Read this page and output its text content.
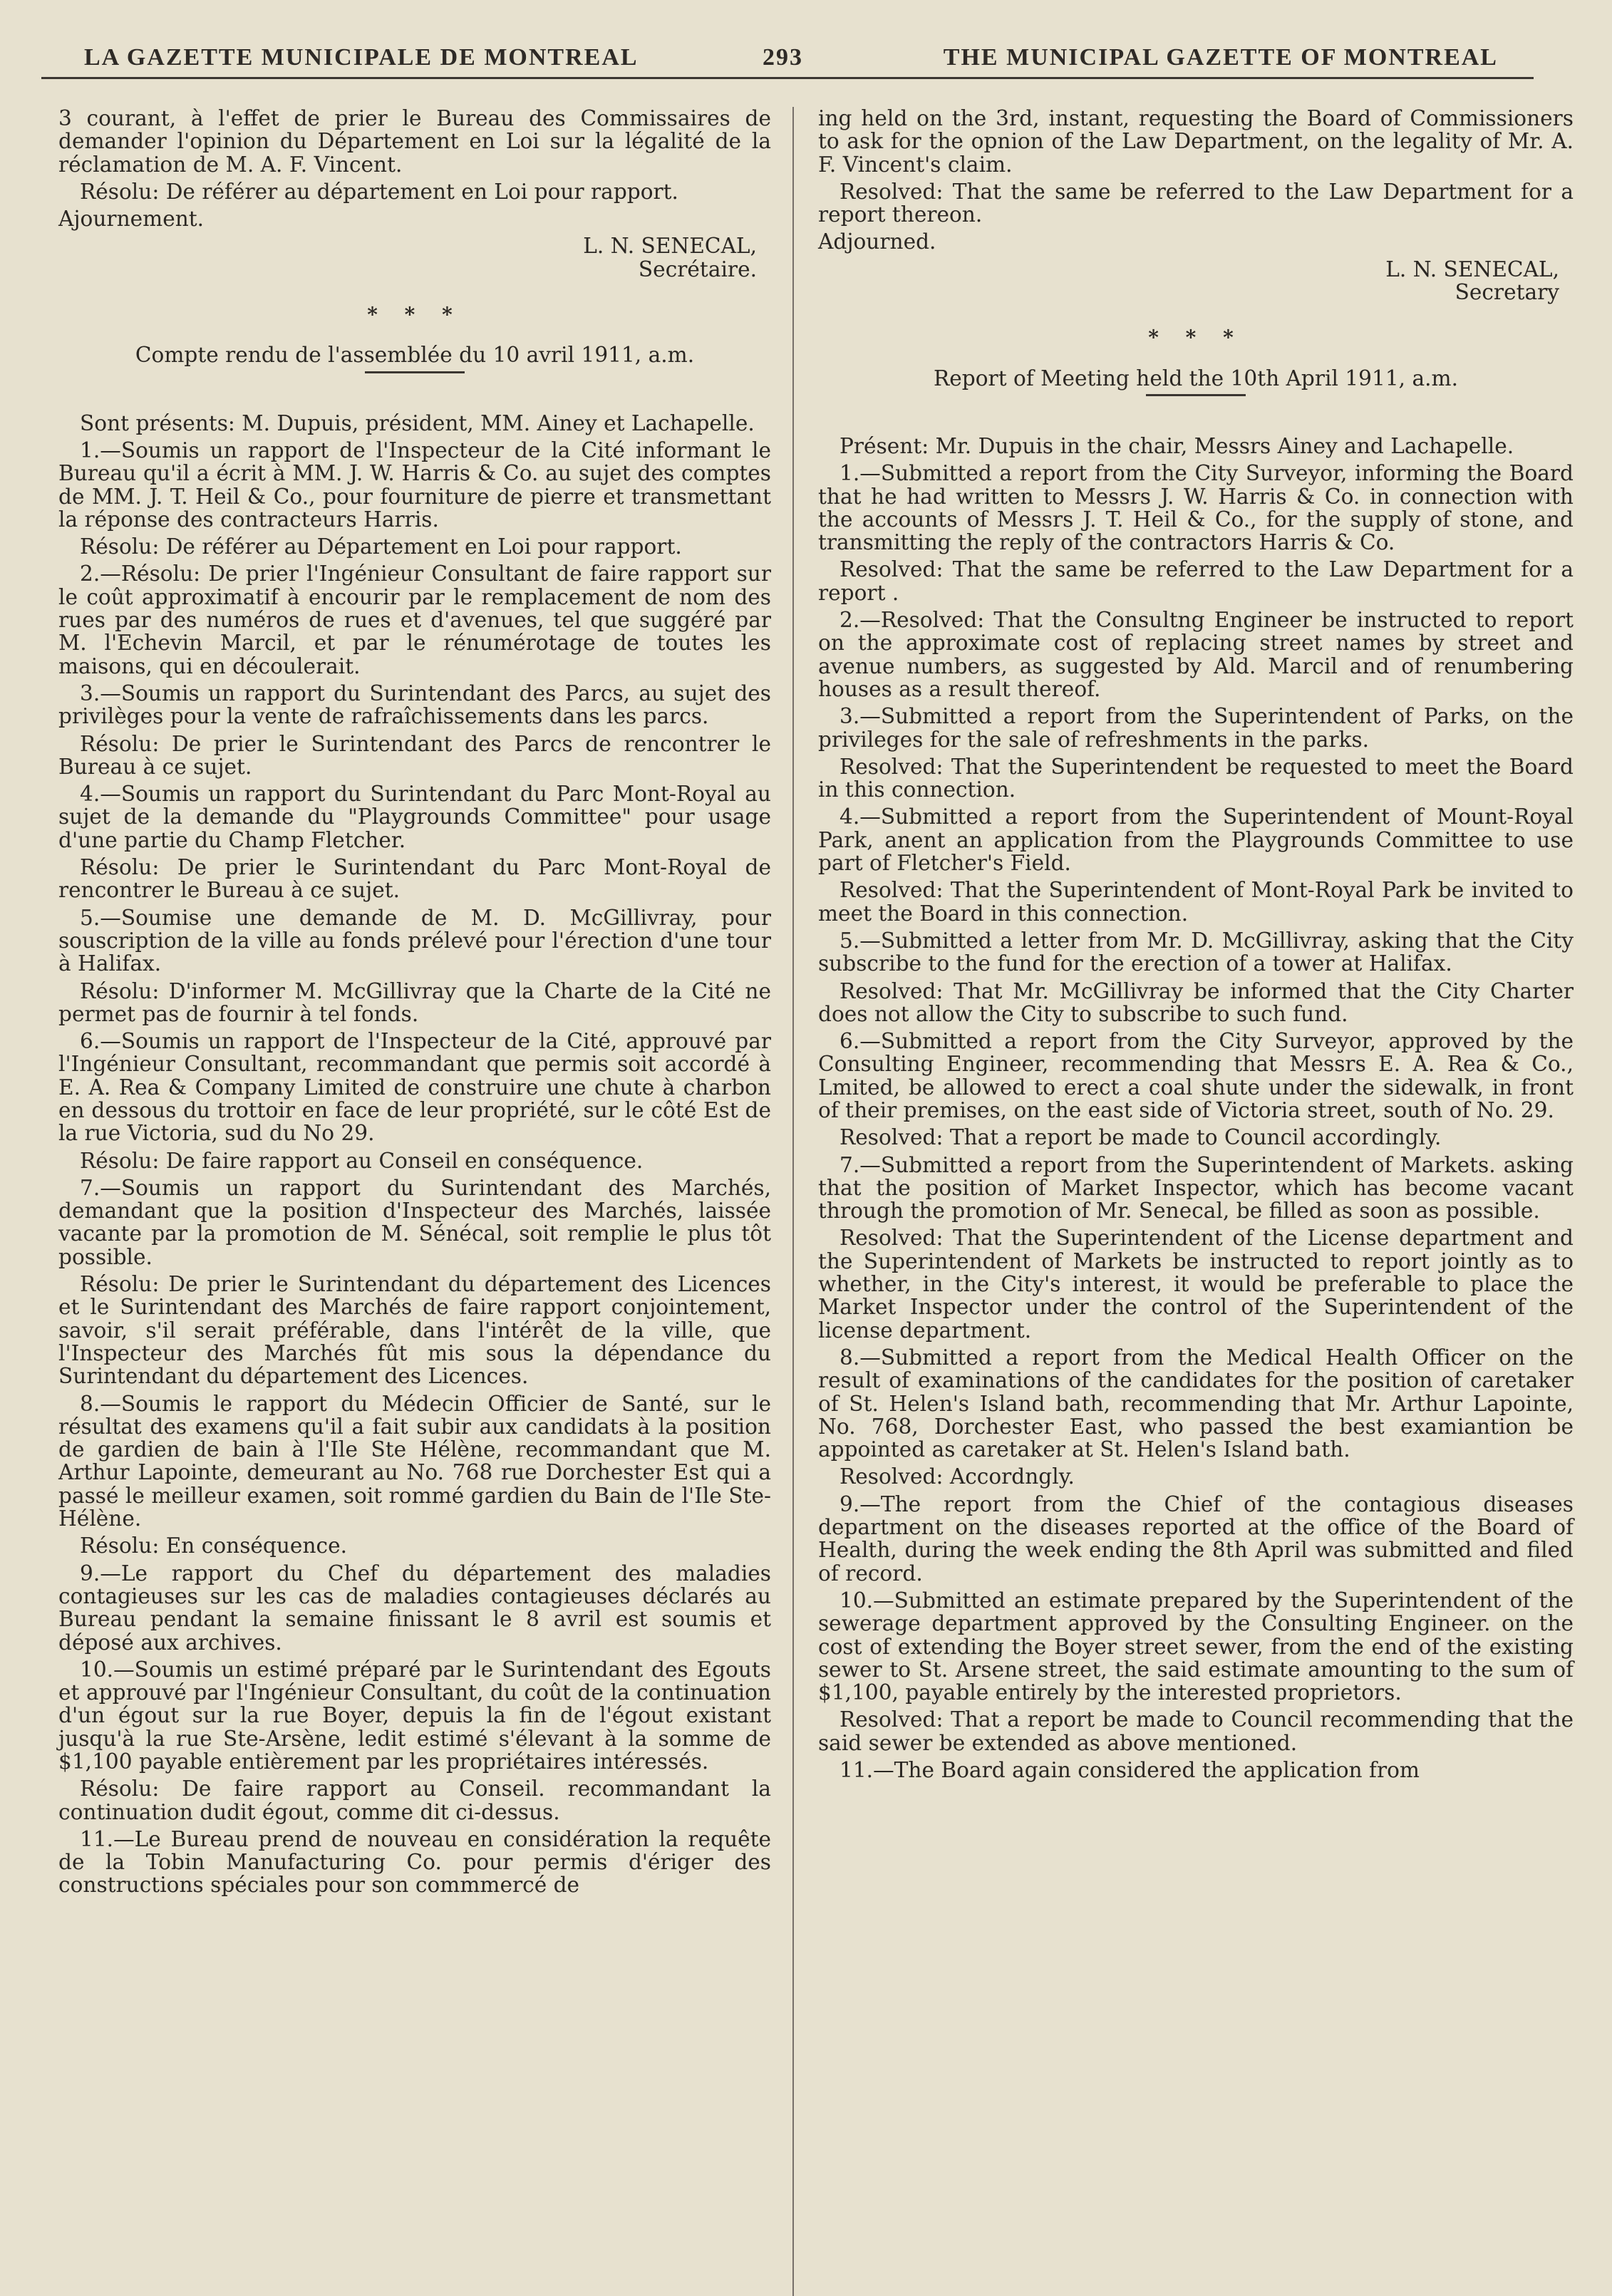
LA GAZETTE MUNICIPALE DE MONTREAL	293	THE MUNICIPAL GAZETTE OF MONTREAL

3 courant, à l'effet de prier le Bureau des Commissaires de demander l'opinion du Département en Loi sur la légalité de la réclamation de M. A. F. Vincent.

Résolu: De référer au département en Loi pour rapport.

Ajournement.

L. N. SENECAL,
Secrétaire.
* * *

Compte rendu de l'assemblée du 10 avril 1911, a.m.

Sont présents: M. Dupuis, président, MM. Ainey et Lachapelle.

1.—Soumis un rapport de l'Inspecteur de la Cité informant le Bureau qu'il a écrit à MM. J. W. Harris & Co. au sujet des comptes de MM. J. T. Heil & Co., pour fourniture de pierre et transmettant la réponse des contracteurs Harris.

Résolu: De référer au Département en Loi pour rapport.

2.—Résolu: De prier l'Ingénieur Consultant de faire rapport sur le coût approximatif à encourir par le remplacement de nom des rues par des numéros de rues et d'avenues, tel que suggéré par M. l'Echevin Marcil, et par le rénumérotage de toutes les maisons, qui en découlerait.

3.—Soumis un rapport du Surintendant des Parcs, au sujet des privilèges pour la vente de rafraîchissements dans les parcs.

Résolu: De prier le Surintendant des Parcs de rencontrer le Bureau à ce sujet.

4.—Soumis un rapport du Surintendant du Parc Mont-Royal au sujet de la demande du "Playgrounds Committee" pour usage d'une partie du Champ Fletcher.

Résolu: De prier le Surintendant du Parc Mont-Royal de rencontrer le Bureau à ce sujet.

5.—Soumise une demande de M. D. McGillivray, pour souscription de la ville au fonds prélevé pour l'érection d'une tour à Halifax.

Résolu: D'informer M. McGillivray que la Charte de la Cité ne permet pas de fournir à tel fonds.

6.—Soumis un rapport de l'Inspecteur de la Cité, approuvé par l'Ingénieur Consultant, recommandant que permis soit accordé à E. A. Rea & Company Limited de construire une chute à charbon en dessous du trottoir en face de leur propriété, sur le côté Est de la rue Victoria, sud du No 29.

Résolu: De faire rapport au Conseil en conséquence.

7.—Soumis un rapport du Surintendant des Marchés, demandant que la position d'Inspecteur des Marchés, laissée vacante par la promotion de M. Sénécal, soit remplie le plus tôt possible.

Résolu: De prier le Surintendant du département des Licences et le Surintendant des Marchés de faire rapport conjointement, savoir, s'il serait préférable, dans l'intérêt de la ville, que l'Inspecteur des Marchés fût mis sous la dépendance du Surintendant du département des Licences.

8.—Soumis le rapport du Médecin Officier de Santé, sur le résultat des examens qu'il a fait subir aux candidats à la position de gardien de bain à l'Ile Ste Hélène, recommandant que M. Arthur Lapointe, demeurant au No. 768 rue Dorchester Est qui a passé le meilleur examen, soit rommé gardien du Bain de l'Ile Ste-Hélène.

Résolu: En conséquence.

9.—Le rapport du Chef du département des maladies contagieuses sur les cas de maladies contagieuses déclarés au Bureau pendant la semaine finissant le 8 avril est soumis et déposé aux archives.

10.—Soumis un estimé préparé par le Surintendant des Egouts et approuvé par l'Ingénieur Consultant, du coût de la continuation d'un égout sur la rue Boyer, depuis la fin de l'égout existant jusqu'à la rue Ste-Arsène, ledit estimé s'élevant à la somme de $1,100 payable entièrement par les propriétaires intéressés.

Résolu: De faire rapport au Conseil. recommandant la continuation dudit égout, comme dit ci-dessus.

11.—Le Bureau prend de nouveau en considération la requête de la Tobin Manufacturing Co. pour permis d'ériger des constructions spéciales pour son commmercé de

ing held on the 3rd, instant, requesting the Board of Commissioners to ask for the opnion of the Law Department, on the legality of Mr. A. F. Vincent's claim.

Resolved: That the same be referred to the Law Department for a report thereon.

Adjourned.

L. N. SENECAL,
Secretary
* * *

Report of Meeting held the 10th April 1911, a.m.

Présent: Mr. Dupuis in the chair, Messrs Ainey and Lachapelle.

1.—Submitted a report from the City Surveyor, informing the Board that he had written to Messrs J. W. Harris & Co. in connection with the accounts of Messrs J. T. Heil & Co., for the supply of stone, and transmitting the reply of the contractors Harris & Co.

Resolved: That the same be referred to the Law Department for a report .

2.—Resolved: That the Consultng Engineer be instructed to report on the approximate cost of replacing street names by street and avenue numbers, as suggested by Ald. Marcil and of renumbering houses as a result thereof.

3.—Submitted a report from the Superintendent of Parks, on the privileges for the sale of refreshments in the parks.

Resolved: That the Superintendent be requested to meet the Board in this connection.

4.—Submitted a report from the Superintendent of Mount-Royal Park, anent an application from the Playgrounds Committee to use part of Fletcher's Field.

Resolved: That the Superintendent of Mont-Royal Park be invited to meet the Board in this connection.

5.—Submitted a letter from Mr. D. McGillivray, asking that the City subscribe to the fund for the erection of a tower at Halifax.

Resolved: That Mr. McGillivray be informed that the City Charter does not allow the City to subscribe to such fund.

6.—Submitted a report from the City Surveyor, approved by the Consulting Engineer, recommending that Messrs E. A. Rea & Co., Lmited, be allowed to erect a coal shute under the sidewalk, in front of their premises, on the east side of Victoria street, south of No. 29.

Resolved: That a report be made to Council accordingly.

7.—Submitted a report from the Superintendent of Markets. asking that the position of Market Inspector, which has become vacant through the promotion of Mr. Senecal, be filled as soon as possible.

Resolved: That the Superintendent of the License department and the Superintendent of Markets be instructed to report jointly as to whether, in the City's interest, it would be preferable to place the Market Inspector under the control of the Superintendent of the license department.

8.—Submitted a report from the Medical Health Officer on the result of examinations of the candidates for the position of caretaker of St. Helen's Island bath, recommending that Mr. Arthur Lapointe, No. 768, Dorchester East, who passed the best examiantion be appointed as caretaker at St. Helen's Island bath.

Resolved: Accordngly.

9.—The report from the Chief of the contagious diseases department on the diseases reported at the office of the Board of Health, during the week ending the 8th April was submitted and filed of record.

10.—Submitted an estimate prepared by the Superintendent of the sewerage department approved by the Consulting Engineer. on the cost of extending the Boyer street sewer, from the end of the existing sewer to St. Arsene street, the said estimate amounting to the sum of $1,100, payable entirely by the interested proprietors.

Resolved: That a report be made to Council recommending that the said sewer be extended as above mentioned.

11.—The Board again considered the application from
